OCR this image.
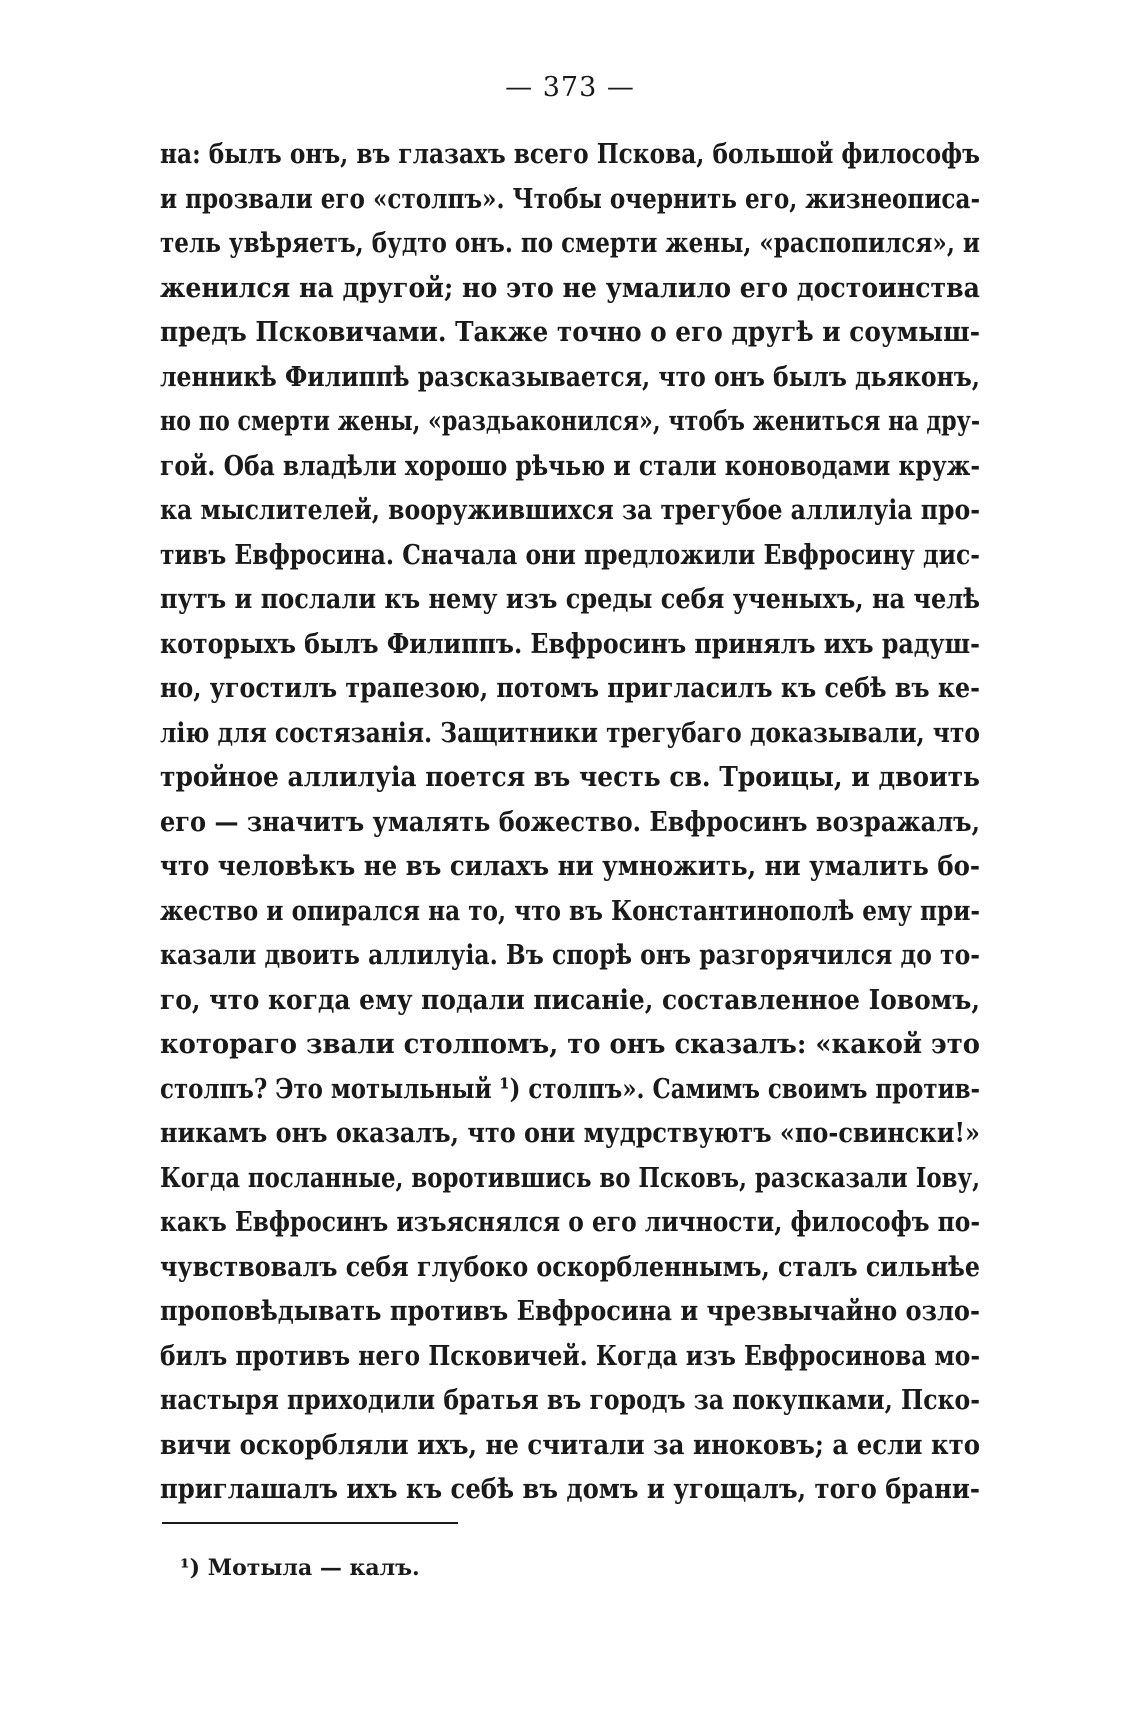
— 373 —
на: былъ онъ, въ глазахъ всего Пскова, большой философъ
и прозвали его «столпъ». Чтобы очернить его, жизнеописа-
тель увѣряетъ, будто онъ. по смерти жены, «распопился», и
женился на другой; но это не умалило его достоинства
предъ Псковичами. Также точно о его другѣ и соумыш-
ленникѣ Филиппѣ разсказывается, что онъ былъ дьяконъ,
но по смерти жены, «раздьаконился», чтобъ жениться на дру-
гой. Оба владѣли хорошо рѣчью и стали коноводами круж-
ка мыслителей, вооружившихся за трегубое аллилуіа про-
тивъ Евфросина. Сначала они предложили Евфросину дис-
путъ и послали къ нему изъ среды себя ученыхъ, на челѣ
которыхъ былъ Филиппъ. Евфросинъ принялъ ихъ радуш-
но, угостилъ трапезою, потомъ пригласилъ къ себѣ въ ке-
лію для состязанія. Защитники трегубаго доказывали, что
тройное аллилуіа поется въ честь св. Троицы, и двоить
его — значитъ умалять божество. Евфросинъ возражалъ,
что человѣкъ не въ силахъ ни умножить, ни умалить бо-
жество и опирался на то, что въ Константинополѣ ему при-
казали двоить аллилуіа. Въ спорѣ онъ разгорячился до то-
го, что когда ему подали писаніе, составленное Іовомъ,
котораго звали столпомъ, то онъ сказалъ: «какой это
столпъ? Это мотыльный ¹) столпъ». Самимъ своимъ против-
никамъ онъ оказалъ, что они мудрствуютъ «по-свински!»
Когда посланные, воротившись во Псковъ, разсказали Іову,
какъ Евфросинъ изъяснялся о его личности, философъ по-
чувствовалъ себя глубоко оскорбленнымъ, сталъ сильнѣе
проповѣдывать противъ Евфросина и чрезвычайно озло-
билъ противъ него Псковичей. Когда изъ Евфросинова мо-
настыря приходили братья въ городъ за покупками, Пско-
вичи оскорбляли ихъ, не считали за иноковъ; а если кто
приглашалъ ихъ къ себѣ въ домъ и угощалъ, того брани-
¹) Мотыла — калъ.
